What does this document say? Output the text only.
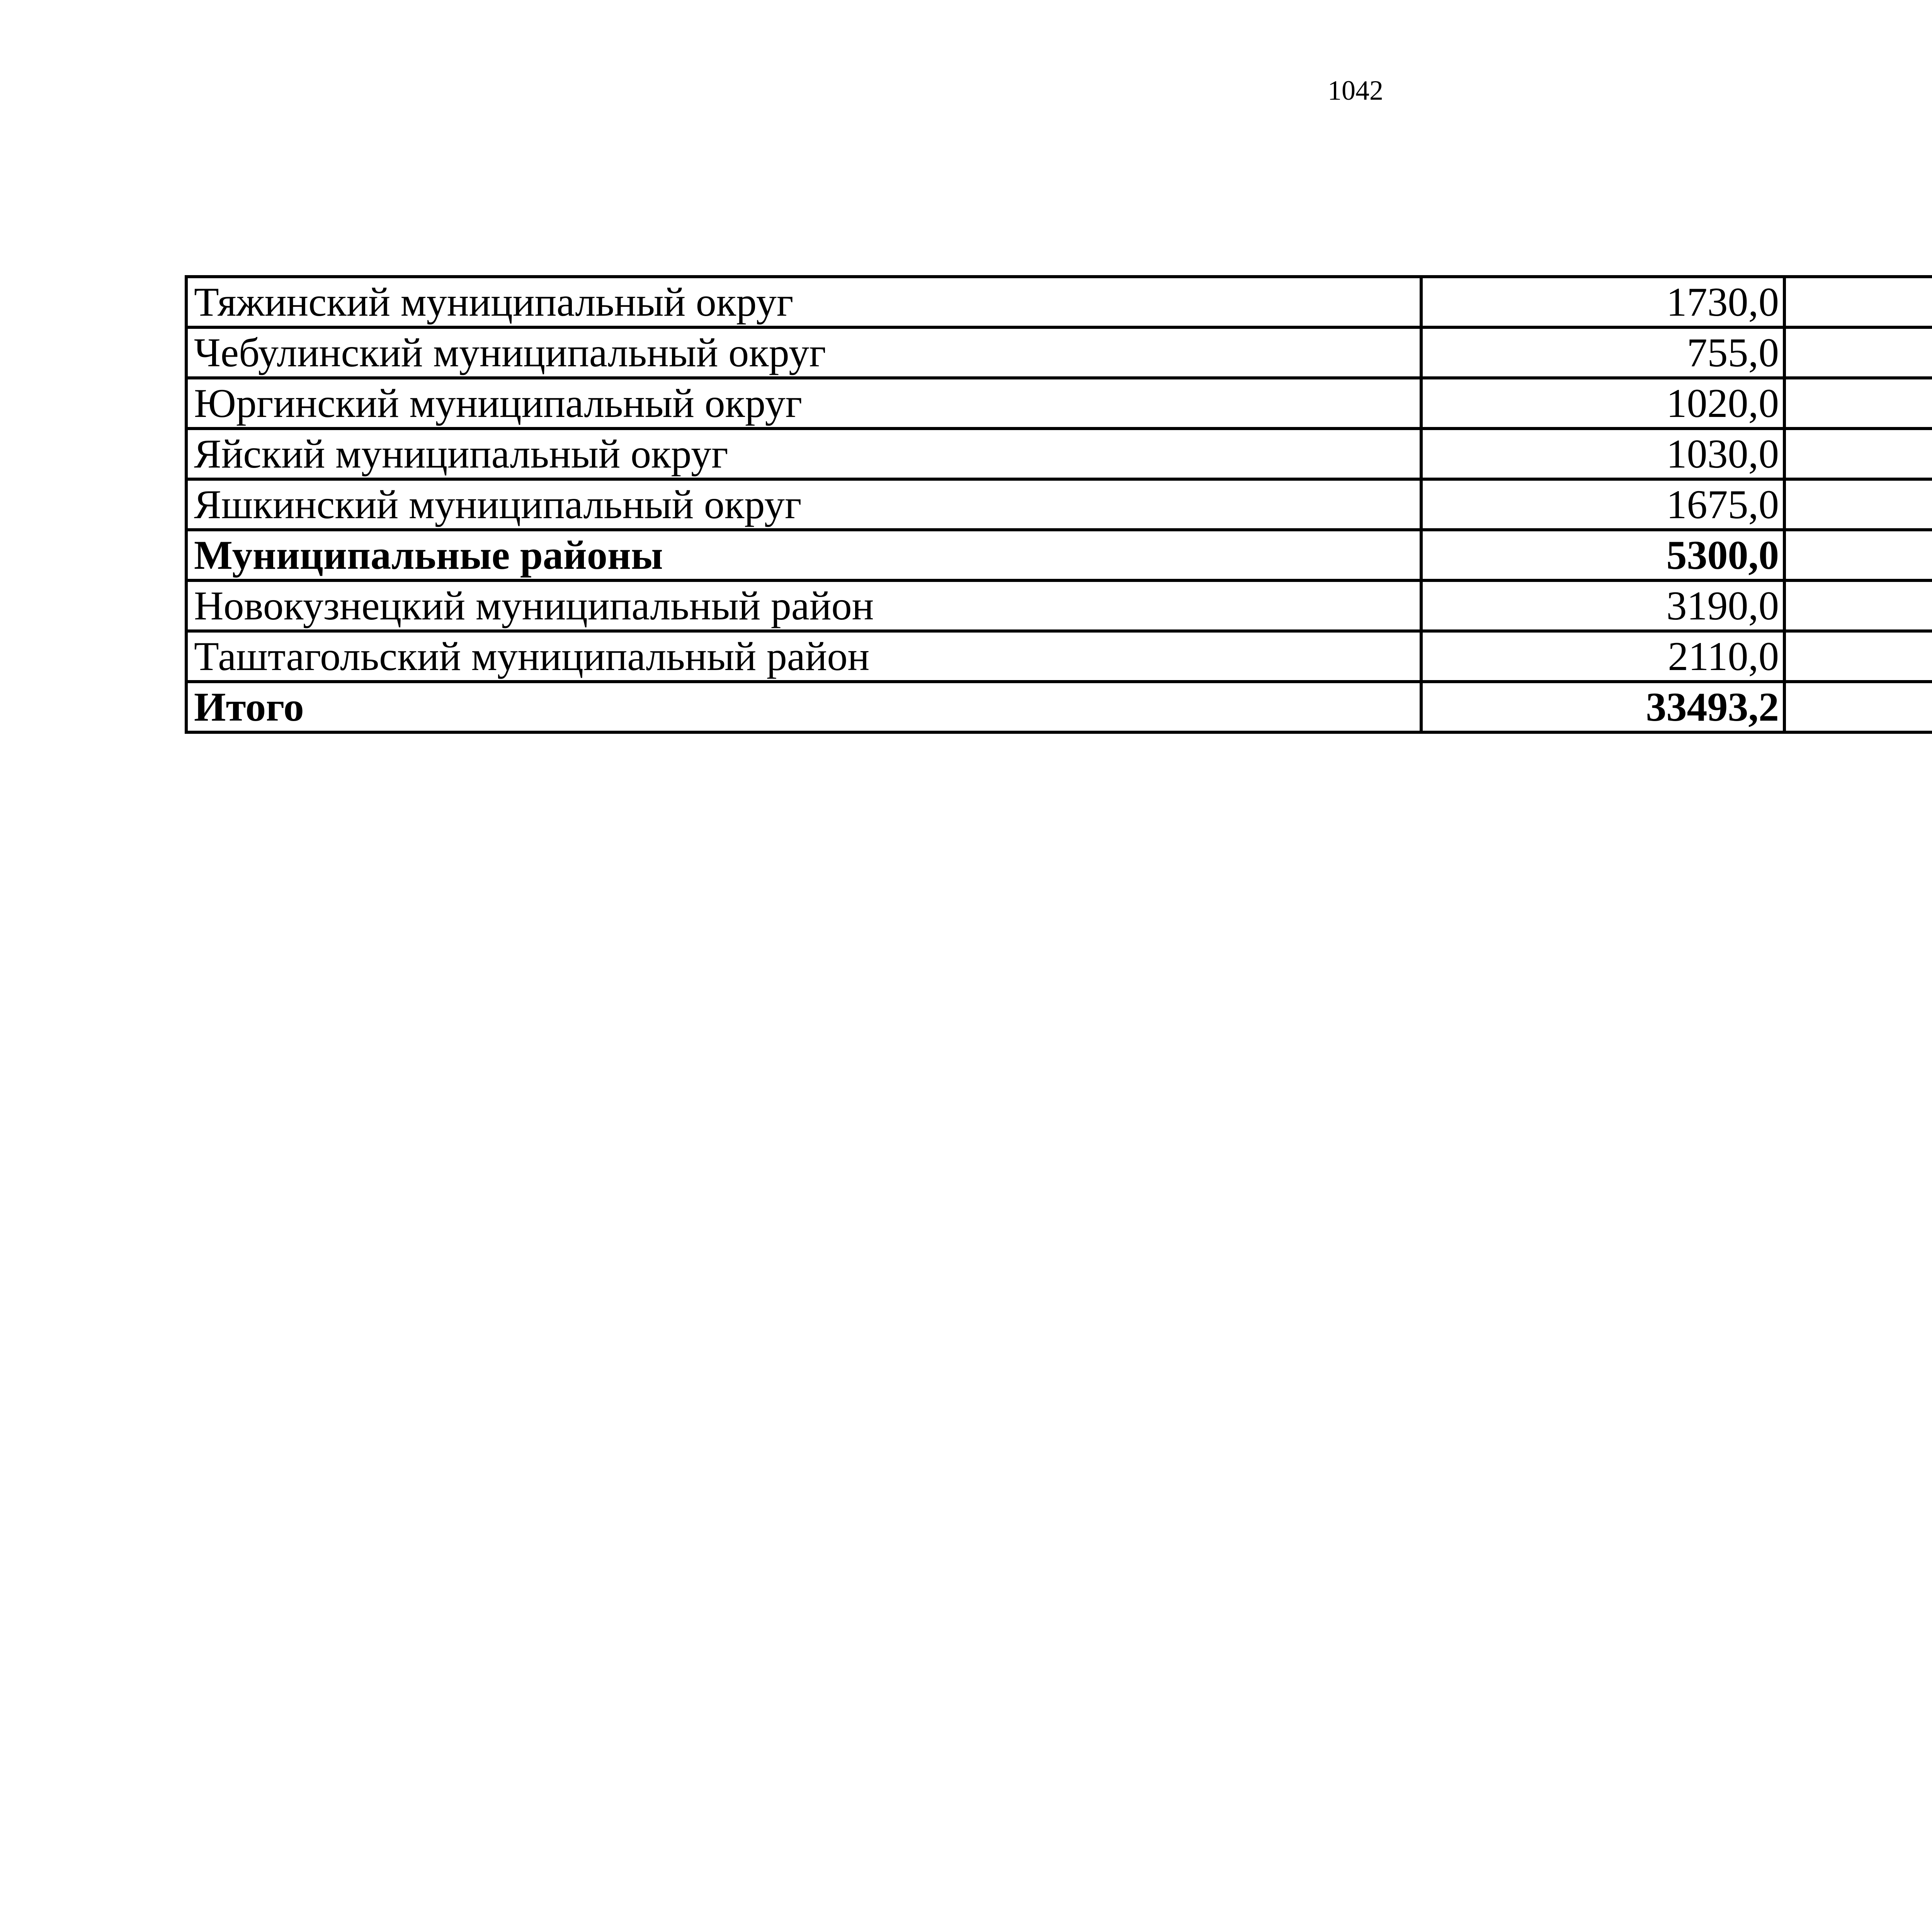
1042
Тяжинский муниципальный округ	1730,0		
Чебулинский муниципальный округ	755,0		
Юргинский муниципальный округ	1020,0		
Яйский муниципальный округ	1030,0		
Яшкинский муниципальный округ	1675,0		
Муниципальные районы	5300,0		
Новокузнецкий муниципальный район	3190,0		
Таштагольский муниципальный район	2110,0		
Итого	33493,2		
